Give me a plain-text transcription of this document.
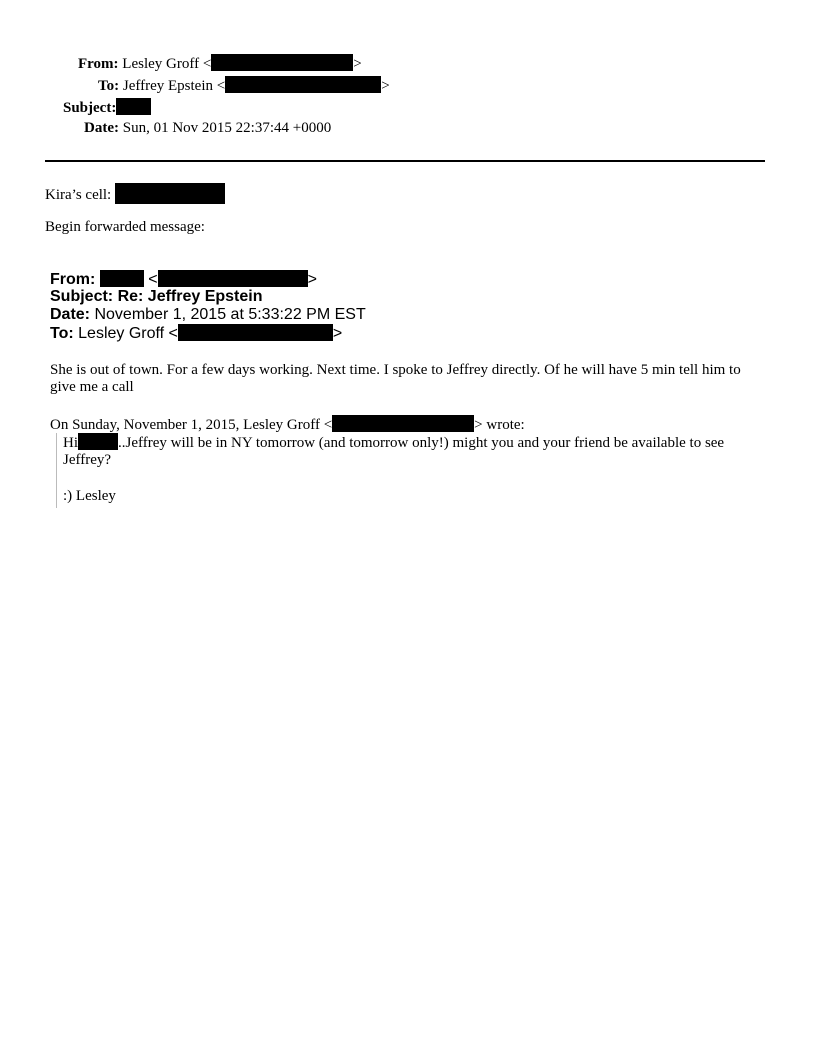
From: Lesley Groff <	>
To: Jeffrey Epstein <	>
Subject:
Date: Sun, 01 Nov 2015 22:37:44 +0000
Kira’s cell:
Begin forwarded message:
From:	<	>
Subject: Re: Jeffrey Epstein
Date: November 1, 2015 at 5:33:22 PM EST
To: Lesley Groff <	>
She is out of town. For a few days working. Next time. I spoke to Jeffrey directly. Of he will have 5 min tell him to give me a call
On Sunday, November 1, 2015, Lesley Groff <	> wrote:
Hi	..Jeffrey will be in NY tomorrow (and tomorrow only!) might you and your friend be available to see Jeffrey?
:) Lesley
